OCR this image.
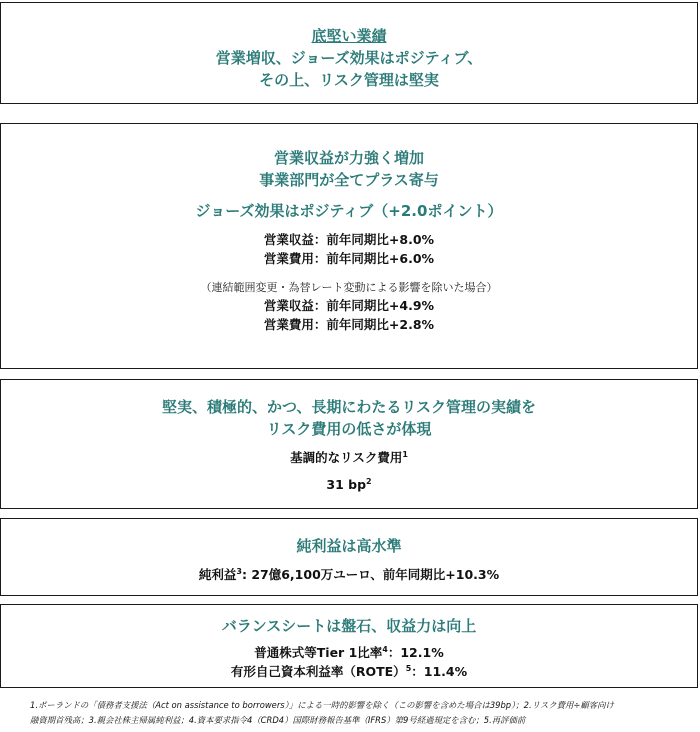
底堅い業績
営業増収、ジョーズ効果はポジティブ、
その上、リスク管理は堅実
営業収益が力強く増加
事業部門が全てプラス寄与
ジョーズ効果はポジティブ（+2.0ポイント）
営業収益：前年同期比+8.0%
営業費用：前年同期比+6.0%
（連結範囲変更・為替レート変動による影響を除いた場合）
営業収益：前年同期比+4.9%
営業費用：前年同期比+2.8%
堅実、積極的、かつ、長期にわたるリスク管理の実績を
リスク費用の低さが体現
基調的なリスク費用$^1$
31 $bp^2$
純利益は高水準
純利益$^3$: 27億6,100万ユーロ、前年同期比+10.3%
バランスシートは盤石、収益力は向上
普通株式等Tier 1比率$^4$：12.1%
有形自己資本利益率（ROTE）$^5$：11.4%
1.ポーランドの「債務者支援法（Act on assistance to borrowers）」による一時的影響を除く（この影響を含めた場合は39bp）；2.リスク費用÷顧客向け
融資期首残高；3.親会社株主帰属純利益；4.資本要求指令4（CRD4）国際財務報告基準（IFRS）第9号経過規定を含む；5.再評価前
